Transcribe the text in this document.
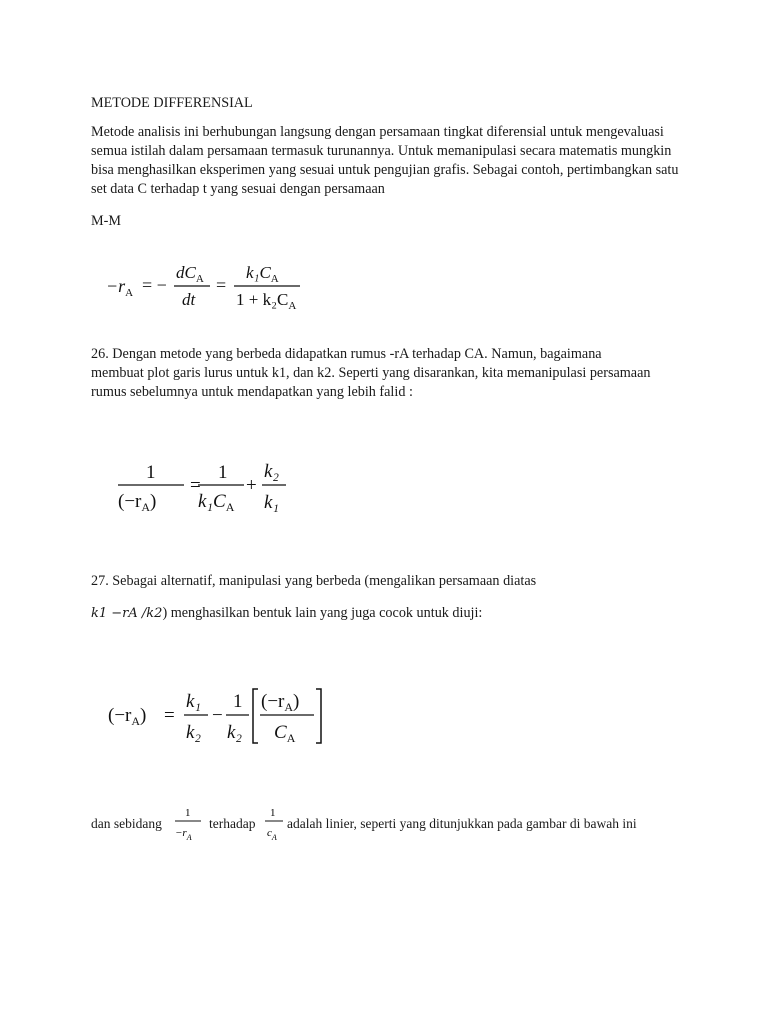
METODE DIFFERENSIAL

Metode analisis ini berhubungan langsung dengan persamaan tingkat diferensial untuk mengevaluasi semua istilah dalam persamaan termasuk turunannya. Untuk memanipulasi secara matematis mungkin bisa menghasilkan eksperimen yang sesuai untuk pengujian grafis. Sebagai contoh, pertimbangkan satu set data C terhadap t yang sesuai dengan persamaan

M-M

$-r_A$ = −
$dC_A$
dt
=
$k_1C_A$
$1 + k_2C_A$

26. Dengan metode yang berbeda didapatkan rumus -rA terhadap CA. Namun, bagaimana membuat plot garis lurus untuk k1, dan k2. Seperti yang disarankan, kita memanipulasi persamaan rumus sebelumnya untuk mendapatkan yang lebih falid :

1
$(-r_A)$
=
1
$k_1C_A$
+
k₂
k₁

27. Sebagai alternatif, manipulasi yang berbeda (mengalikan persamaan diatas

k1 −rA /k2) menghasilkan bentuk lain yang juga cocok untuk diuji:

$(-r_A)$ =
k₁
k₂
−
1
k₂
$(-r_A)$
$C_A$
dan sebidang
1
$-r_A$
terhadap
1
$c_A$
adalah linier, seperti yang ditunjukkan pada gambar di bawah ini
